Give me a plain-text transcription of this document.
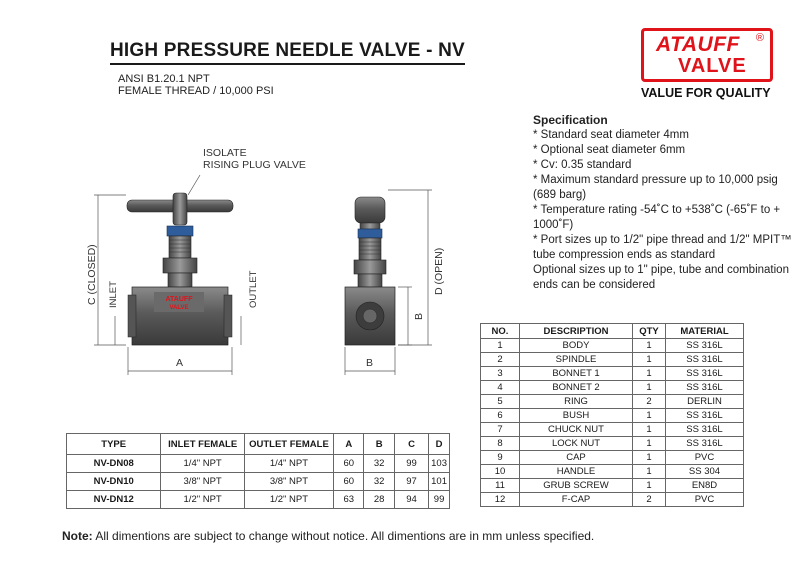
HIGH PRESSURE NEEDLE VALVE - NV
ANSI B1.20.1 NPT
FEMALE THREAD / 10,000 PSI
ATAUFF ®
VALVE
VALUE FOR QUALITY
Specification
* Standard seat diameter 4mm
* Optional seat diameter 6mm
* Cv: 0.35 standard
* Maximum standard pressure up to 10,000 psig (689 barg)
* Temperature rating -54˚C to +538˚C (-65˚F to + 1000˚F)
* Port sizes up to 1/2" pipe thread and 1/2" MPIT™ tube compression ends as standard
Optional sizes up to 1" pipe, tube and combination ends can be considered
ATAUFF
VALVE
ISOLATE
RISING PLUG VALVE
C (CLOSED) INLET	OUTLET
A	B
B
D (OPEN)
NO.	DESCRIPTION	QTY	MATERIAL
1	BODY	1	SS 316L
2	SPINDLE	1	SS 316L
3	BONNET 1	1	SS 316L
4	BONNET 2	1	SS 316L
5	RING	2	DERLIN
6	BUSH	1	SS 316L
7	CHUCK NUT	1	SS 316L
8	LOCK NUT	1	SS 316L
9	CAP	1	PVC
10	HANDLE	1	SS 304
11	GRUB SCREW	1	EN8D
12	F-CAP	2	PVC
TYPE	INLET FEMALE	OUTLET FEMALE	A	B	C	D
NV-DN08	1/4" NPT	1/4" NPT	60	32	99	103
NV-DN10	3/8" NPT	3/8" NPT	60	32	97	101
NV-DN12	1/2" NPT	1/2" NPT	63	28	94	99
Note: All dimentions are subject to change without notice. All dimentions are in mm unless specified.
